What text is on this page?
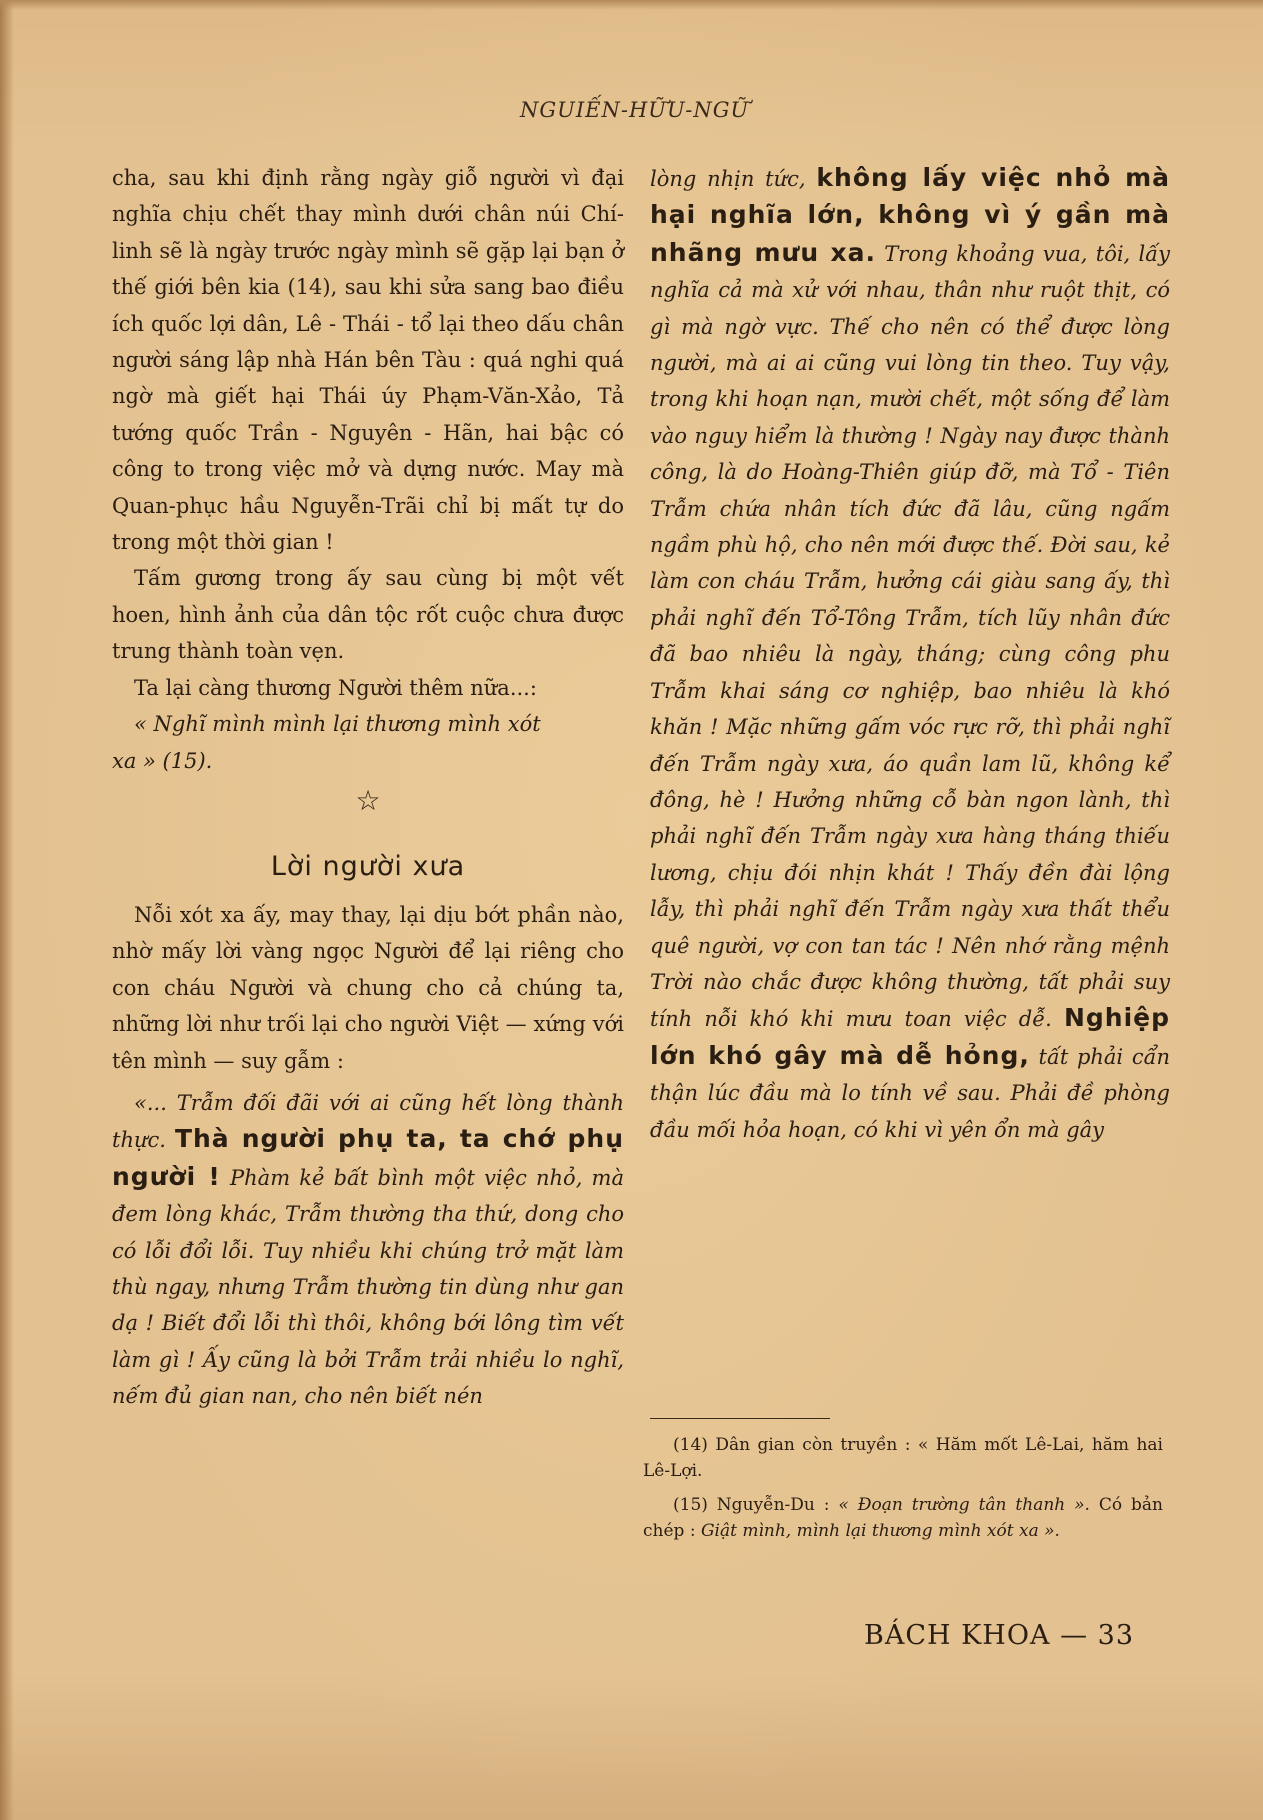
NGUIẾN-HỮU-NGỮ

cha, sau khi định rằng ngày giỗ người vì đại nghĩa chịu chết thay mình dưới chân núi Chí-linh sẽ là ngày trước ngày mình sẽ gặp lại bạn ở thế giới bên kia (14), sau khi sửa sang bao điều ích quốc lợi dân, Lê - Thái - tổ lại theo dấu chân người sáng lập nhà Hán bên Tàu : quá nghi quá ngờ mà giết hại Thái úy Phạm-Văn-Xảo, Tả tướng quốc Trần - Nguyên - Hãn, hai bậc có công to trong việc mở và dựng nước. May mà Quan-phục hầu Nguyễn-Trãi chỉ bị mất tự do trong một thời gian !

Tấm gương trong ấy sau cùng bị một vết hoen, hình ảnh của dân tộc rốt cuộc chưa được trung thành toàn vẹn.

Ta lại càng thương Người thêm nữa...:

« Nghĩ mình mình lại thương mình xót

xa » (15).

☆
Lời người xưa

Nỗi xót xa ấy, may thay, lại dịu bớt phần nào, nhờ mấy lời vàng ngọc Người để lại riêng cho con cháu Người và chung cho cả chúng ta, những lời như trối lại cho người Việt — xứng với tên mình — suy gẫm :

«... Trẫm đối đãi với ai cũng hết lòng thành thực. Thà người phụ ta, ta chớ phụ người ! Phàm kẻ bất bình một việc nhỏ, mà đem lòng khác, Trẫm thường tha thứ, dong cho có lỗi đổi lỗi. Tuy nhiều khi chúng trở mặt làm thù ngay, nhưng Trẫm thường tin dùng như gan dạ ! Biết đổi lỗi thì thôi, không bới lông tìm vết làm gì ! Ấy cũng là bởi Trẫm trải nhiều lo nghĩ, nếm đủ gian nan, cho nên biết nén

lòng nhịn tức, không lấy việc nhỏ mà hại nghĩa lớn, không vì ý gần mà nhãng mưu xa. Trong khoảng vua, tôi, lấy nghĩa cả mà xử với nhau, thân như ruột thịt, có gì mà ngờ vực. Thế cho nên có thể được lòng người, mà ai ai cũng vui lòng tin theo. Tuy vậy, trong khi hoạn nạn, mười chết, một sống để làm vào nguy hiểm là thường ! Ngày nay được thành công, là do Hoàng-Thiên giúp đỡ, mà Tổ - Tiên Trẫm chứa nhân tích đức đã lâu, cũng ngấm ngầm phù hộ, cho nên mới được thế. Đời sau, kẻ làm con cháu Trẫm, hưởng cái giàu sang ấy, thì phải nghĩ đến Tổ-Tông Trẫm, tích lũy nhân đức đã bao nhiêu là ngày, tháng; cùng công phu Trẫm khai sáng cơ nghiệp, bao nhiêu là khó khăn ! Mặc những gấm vóc rực rỡ, thì phải nghĩ đến Trẫm ngày xưa, áo quần lam lũ, không kể đông, hè ! Hưởng những cỗ bàn ngon lành, thì phải nghĩ đến Trẫm ngày xưa hàng tháng thiếu lương, chịu đói nhịn khát ! Thấy đền đài lộng lẫy, thì phải nghĩ đến Trẫm ngày xưa thất thểu quê người, vợ con tan tác ! Nên nhớ rằng mệnh Trời nào chắc được không thường, tất phải suy tính nỗi khó khi mưu toan việc dễ. Nghiệp lớn khó gây mà dễ hỏng, tất phải cẩn thận lúc đầu mà lo tính về sau. Phải đề phòng đầu mối hỏa hoạn, có khi vì yên ổn mà gây

(14) Dân gian còn truyền : « Hăm mốt Lê-Lai, hăm hai Lê-Lợi.

(15) Nguyễn-Du : « Đoạn trường tân thanh ». Có bản chép : Giật mình, mình lại thương mình xót xa ».

BÁCH KHOA — 33
